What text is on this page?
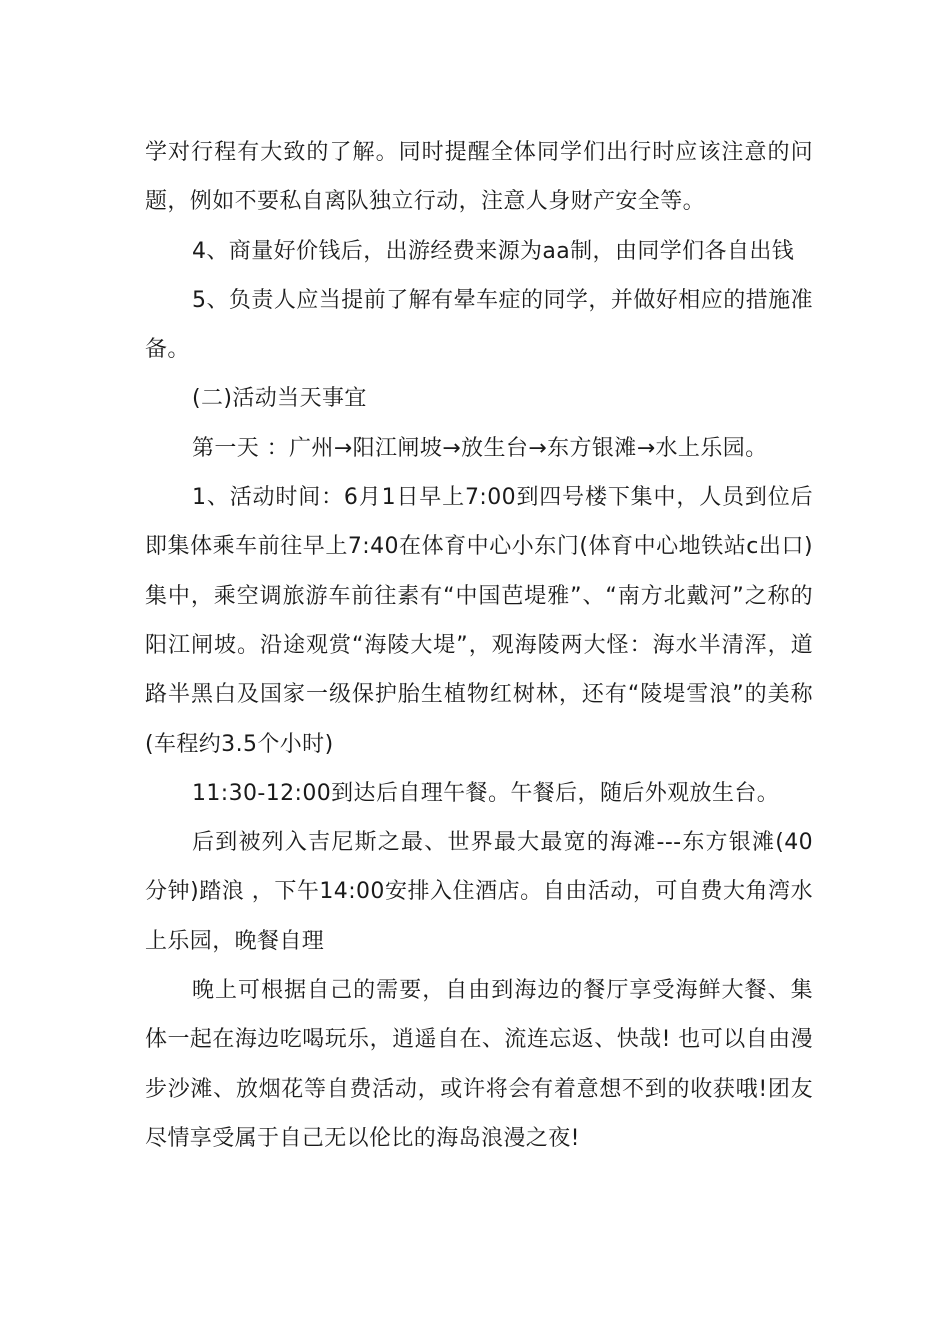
学对行程有大致的了解。同时提醒全体同学们出行时应该注意的问题，例如不要私自离队独立行动，注意人身财产安全等。

4、商量好价钱后，出游经费来源为aa制，由同学们各自出钱

5、负责人应当提前了解有晕车症的同学，并做好相应的措施准备。

(二)活动当天事宜

第一天 ：广州→阳江闸坡→放生台→东方银滩→水上乐园。

1、活动时间：6月1日早上7:00到四号楼下集中，人员到位后即集体乘车前往早上7:40在体育中心小东门(体育中心地铁站c出口)集中，乘空调旅游车前往素有“中国芭堤雅”、“南方北戴河”之称的阳江闸坡。沿途观赏“海陵大堤”，观海陵两大怪：海水半清浑，道路半黑白及国家一级保护胎生植物红树林，还有“陵堤雪浪”的美称(车程约3.5个小时)

11:30-12:00到达后自理午餐。午餐后，随后外观放生台。

后到被列入吉尼斯之最、世界最大最宽的海滩---东方银滩(40分钟)踏浪 ，下午14:00安排入住酒店。自由活动，可自费大角湾水上乐园，晚餐自理

晚上可根据自己的需要，自由到海边的餐厅享受海鲜大餐、集体一起在海边吃喝玩乐，逍遥自在、流连忘返、快哉! 也可以自由漫步沙滩、放烟花等自费活动，或许将会有着意想不到的收获哦!团友尽情享受属于自己无以伦比的海岛浪漫之夜!
